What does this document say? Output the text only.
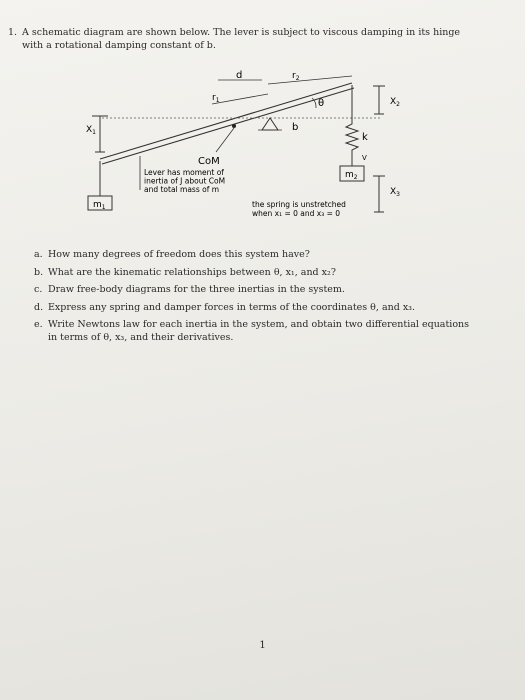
1. A schematic diagram are shown below. The lever is subject to viscous damping in its hinge
with a rotational damping constant of b.
d
$r_1$
$r_2$
θ
b
$X_1$
$m_1$
CoM
Lever has moment of inertia of J about CoM and total mass of m
k
V
$m_2$
$X_2$
$X_3$
the spring is unstretched when x₁ = 0 and x₃ = 0
a. How many degrees of freedom does this system have?
b. What are the kinematic relationships between θ, x₁, and x₂?
c. Draw free-body diagrams for the three inertias in the system.
d. Express any spring and damper forces in terms of the coordinates θ, and x₃.
e. Write Newtons law for each inertia in the system, and obtain two differential equations
in terms of θ, x₃, and their derivatives.
1
